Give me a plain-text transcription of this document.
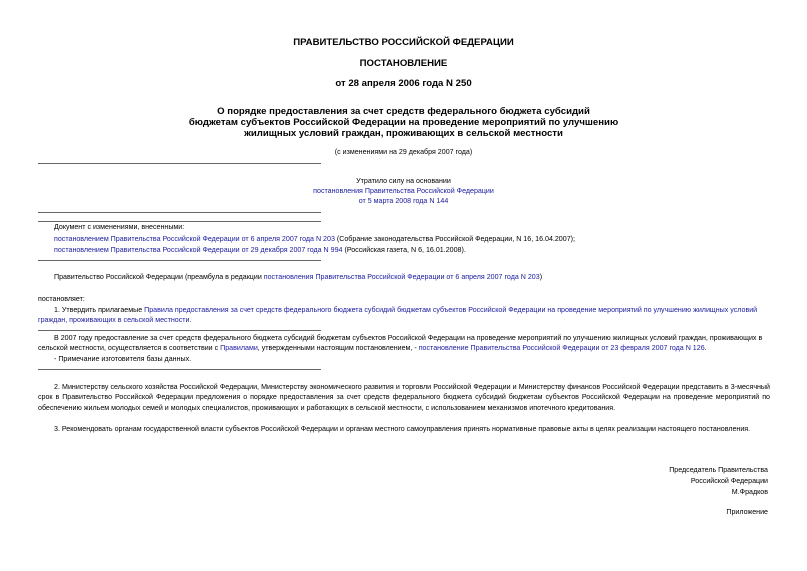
ПРАВИТЕЛЬСТВО РОССИЙСКОЙ ФЕДЕРАЦИИ
ПОСТАНОВЛЕНИЕ
от 28 апреля 2006 года N 250
О порядке предоставления за счет средств федерального бюджета субсидий
бюджетам субъектов Российской Федерации на проведение мероприятий по улучшению
жилищных условий граждан, проживающих в сельской местности
(с изменениями на 29 декабря 2007 года)
Утратило силу на основании
постановления Правительства Российской Федерации
от 5 марта 2008 года N 144
Документ с изменениями, внесенными:
постановлением Правительства Российской Федерации от 6 апреля 2007 года N 203 (Собрание законодательства Российской Федерации, N 16, 16.04.2007);
постановлением Правительства Российской Федерации от 29 декабря 2007 года N 994 (Российская газета, N 6, 16.01.2008).
Правительство Российской Федерации (преамбула в редакции постановления Правительства Российской Федерации от 6 апреля 2007 года N 203)
постановляет:
1. Утвердить прилагаемые Правила предоставления за счет средств федерального бюджета субсидий бюджетам субъектов Российской Федерации на проведение мероприятий по улучшению жилищных условий граждан, проживающих в сельской местности.
В 2007 году предоставление за счет средств федерального бюджета субсидий бюджетам субъектов Российской Федерации на проведение мероприятий по улучшению жилищных условий граждан, проживающих в сельской местности, осуществляется в соответствии с Правилами, утвержденными настоящим постановлением, - постановление Правительства Российской Федерации от 23 февраля 2007 года N 126.
- Примечание изготовителя базы данных.
2. Министерству сельского хозяйства Российской Федерации, Министерству экономического развития и торговли Российской Федерации и Министерству финансов Российской Федерации представить в 3-месячный срок в Правительство Российской Федерации предложения о порядке предоставления за счет средств федерального бюджета субсидий бюджетам субъектов Российской Федерации на проведение мероприятий по обеспечению жильем молодых семей и молодых специалистов, проживающих и работающих в сельской местности, с использованием механизмов ипотечного кредитования.
3. Рекомендовать органам государственной власти субъектов Российской Федерации и органам местного самоуправления принять нормативные правовые акты в целях реализации настоящего постановления.
Председатель Правительства
Российской Федерации
М.Фрадков
Приложение
